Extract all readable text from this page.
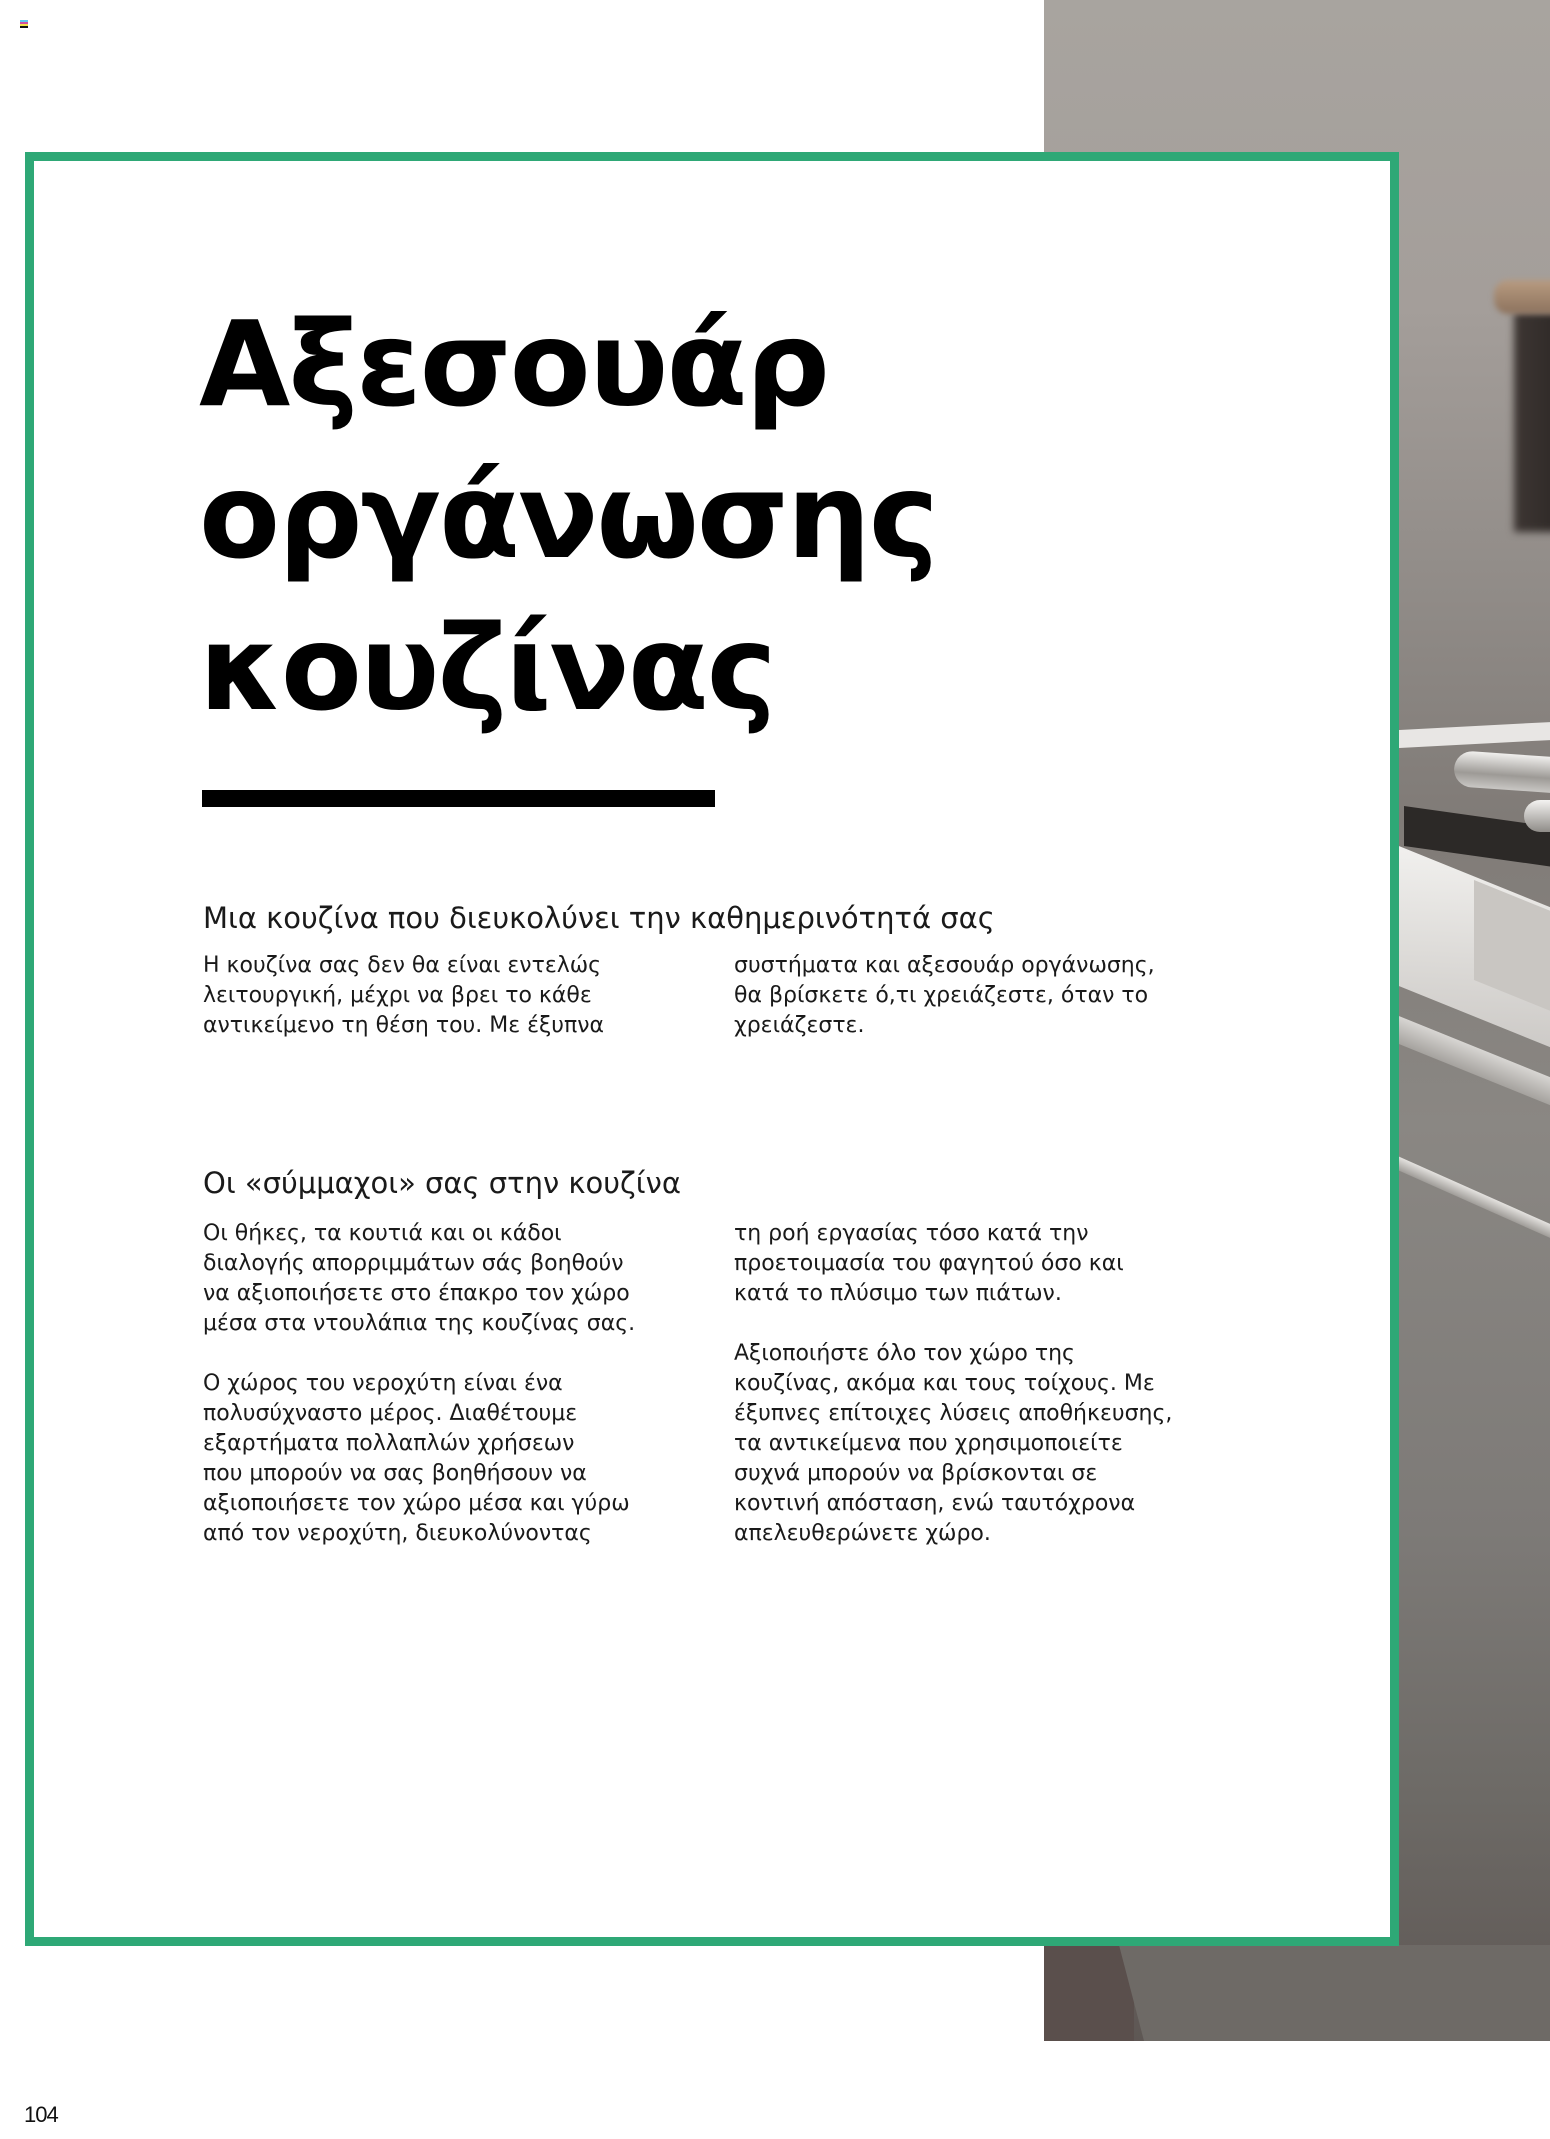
Αξεσουάρ
οργάνωσης
κουζίνας
Μια κουζίνα που διευκολύνει την καθημερινότητά σας
Η κουζίνα σας δεν θα είναι εντελώς
λειτουργική, μέχρι να βρει το κάθε
αντικείμενο τη θέση του. Με έξυπνα
συστήματα και αξεσουάρ οργάνωσης,
θα βρίσκετε ό,τι χρειάζεστε, όταν το
χρειάζεστε.
Οι «σύμμαχοι» σας στην κουζίνα
Οι θήκες, τα κουτιά και οι κάδοι
διαλογής απορριμμάτων σάς βοηθούν
να αξιοποιήσετε στο έπακρο τον χώρο
μέσα στα ντουλάπια της κουζίνας σας.
Ο χώρος του νεροχύτη είναι ένα
πολυσύχναστο μέρος. Διαθέτουμε
εξαρτήματα πολλαπλών χρήσεων
που μπορούν να σας βοηθήσουν να
αξιοποιήσετε τον χώρο μέσα και γύρω
από τον νεροχύτη, διευκολύνοντας
τη ροή εργασίας τόσο κατά την
προετοιμασία του φαγητού όσο και
κατά το πλύσιμο των πιάτων.
Αξιοποιήστε όλο τον χώρο της
κουζίνας, ακόμα και τους τοίχους. Με
έξυπνες επίτοιχες λύσεις αποθήκευσης,
τα αντικείμενα που χρησιμοποιείτε
συχνά μπορούν να βρίσκονται σε
κοντινή απόσταση, ενώ ταυτόχρονα
απελευθερώνετε χώρο.
104
